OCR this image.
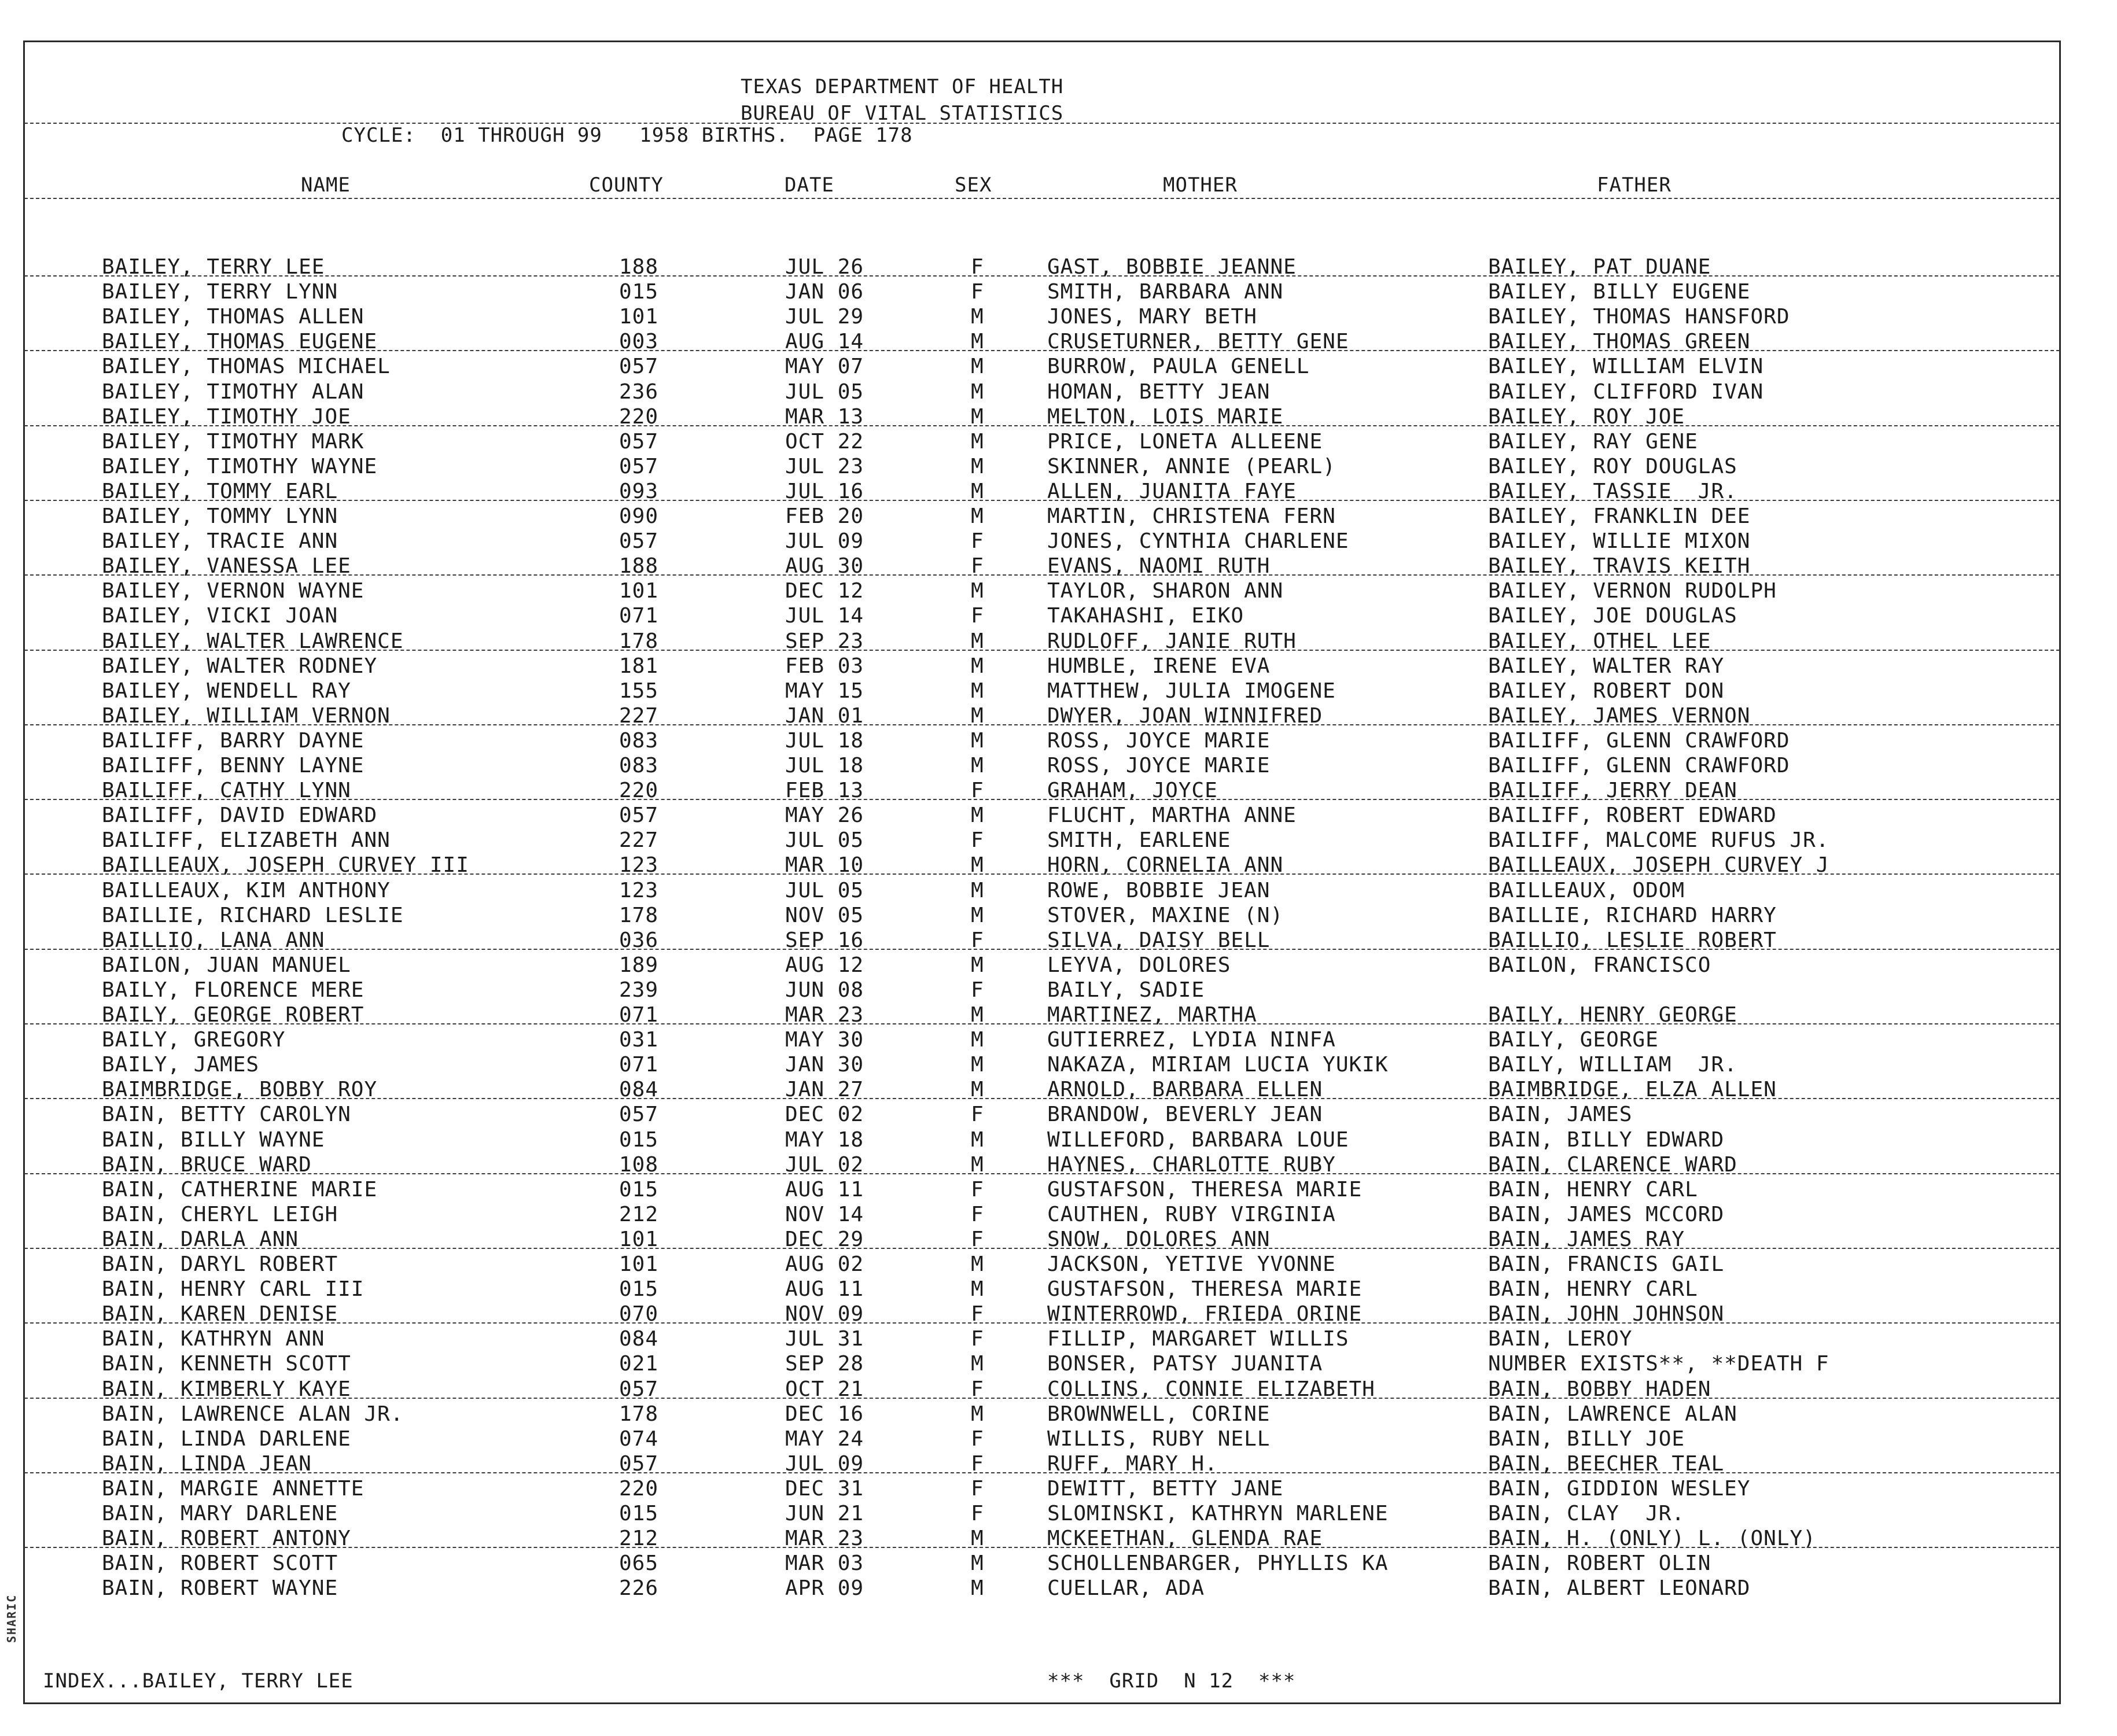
SHARIC
TEXAS DEPARTMENT OF HEALTH
BUREAU OF VITAL STATISTICS
CYCLE:  01 THROUGH 99   1958 BIRTHS.  PAGE 178
NAME	COUNTY	DATE	SEX	MOTHER	FATHER
BAILEY, TERRY LEE	188	JUL 26	F	GAST, BOBBIE JEANNE	BAILEY, PAT DUANE
BAILEY, TERRY LYNN	015	JAN 06	F	SMITH, BARBARA ANN	BAILEY, BILLY EUGENE
BAILEY, THOMAS ALLEN	101	JUL 29	M	JONES, MARY BETH	BAILEY, THOMAS HANSFORD
BAILEY, THOMAS EUGENE	003	AUG 14	M	CRUSETURNER, BETTY GENE	BAILEY, THOMAS GREEN
BAILEY, THOMAS MICHAEL	057	MAY 07	M	BURROW, PAULA GENELL	BAILEY, WILLIAM ELVIN
BAILEY, TIMOTHY ALAN	236	JUL 05	M	HOMAN, BETTY JEAN	BAILEY, CLIFFORD IVAN
BAILEY, TIMOTHY JOE	220	MAR 13	M	MELTON, LOIS MARIE	BAILEY, ROY JOE
BAILEY, TIMOTHY MARK	057	OCT 22	M	PRICE, LONETA ALLEENE	BAILEY, RAY GENE
BAILEY, TIMOTHY WAYNE	057	JUL 23	M	SKINNER, ANNIE (PEARL)	BAILEY, ROY DOUGLAS
BAILEY, TOMMY EARL	093	JUL 16	M	ALLEN, JUANITA FAYE	BAILEY, TASSIE  JR.
BAILEY, TOMMY LYNN	090	FEB 20	M	MARTIN, CHRISTENA FERN	BAILEY, FRANKLIN DEE
BAILEY, TRACIE ANN	057	JUL 09	F	JONES, CYNTHIA CHARLENE	BAILEY, WILLIE MIXON
BAILEY, VANESSA LEE	188	AUG 30	F	EVANS, NAOMI RUTH	BAILEY, TRAVIS KEITH
BAILEY, VERNON WAYNE	101	DEC 12	M	TAYLOR, SHARON ANN	BAILEY, VERNON RUDOLPH
BAILEY, VICKI JOAN	071	JUL 14	F	TAKAHASHI, EIKO	BAILEY, JOE DOUGLAS
BAILEY, WALTER LAWRENCE	178	SEP 23	M	RUDLOFF, JANIE RUTH	BAILEY, OTHEL LEE
BAILEY, WALTER RODNEY	181	FEB 03	M	HUMBLE, IRENE EVA	BAILEY, WALTER RAY
BAILEY, WENDELL RAY	155	MAY 15	M	MATTHEW, JULIA IMOGENE	BAILEY, ROBERT DON
BAILEY, WILLIAM VERNON	227	JAN 01	M	DWYER, JOAN WINNIFRED	BAILEY, JAMES VERNON
BAILIFF, BARRY DAYNE	083	JUL 18	M	ROSS, JOYCE MARIE	BAILIFF, GLENN CRAWFORD
BAILIFF, BENNY LAYNE	083	JUL 18	M	ROSS, JOYCE MARIE	BAILIFF, GLENN CRAWFORD
BAILIFF, CATHY LYNN	220	FEB 13	F	GRAHAM, JOYCE	BAILIFF, JERRY DEAN
BAILIFF, DAVID EDWARD	057	MAY 26	M	FLUCHT, MARTHA ANNE	BAILIFF, ROBERT EDWARD
BAILIFF, ELIZABETH ANN	227	JUL 05	F	SMITH, EARLENE	BAILIFF, MALCOME RUFUS JR.
BAILLEAUX, JOSEPH CURVEY III	123	MAR 10	M	HORN, CORNELIA ANN	BAILLEAUX, JOSEPH CURVEY J
BAILLEAUX, KIM ANTHONY	123	JUL 05	M	ROWE, BOBBIE JEAN	BAILLEAUX, ODOM
BAILLIE, RICHARD LESLIE	178	NOV 05	M	STOVER, MAXINE (N)	BAILLIE, RICHARD HARRY
BAILLIO, LANA ANN	036	SEP 16	F	SILVA, DAISY BELL	BAILLIO, LESLIE ROBERT
BAILON, JUAN MANUEL	189	AUG 12	M	LEYVA, DOLORES	BAILON, FRANCISCO
BAILY, FLORENCE MERE	239	JUN 08	F	BAILY, SADIE
BAILY, GEORGE ROBERT	071	MAR 23	M	MARTINEZ, MARTHA	BAILY, HENRY GEORGE
BAILY, GREGORY	031	MAY 30	M	GUTIERREZ, LYDIA NINFA	BAILY, GEORGE
BAILY, JAMES	071	JAN 30	M	NAKAZA, MIRIAM LUCIA YUKIK	BAILY, WILLIAM  JR.
BAIMBRIDGE, BOBBY ROY	084	JAN 27	M	ARNOLD, BARBARA ELLEN	BAIMBRIDGE, ELZA ALLEN
BAIN, BETTY CAROLYN	057	DEC 02	F	BRANDOW, BEVERLY JEAN	BAIN, JAMES
BAIN, BILLY WAYNE	015	MAY 18	M	WILLEFORD, BARBARA LOUE	BAIN, BILLY EDWARD
BAIN, BRUCE WARD	108	JUL 02	M	HAYNES, CHARLOTTE RUBY	BAIN, CLARENCE WARD
BAIN, CATHERINE MARIE	015	AUG 11	F	GUSTAFSON, THERESA MARIE	BAIN, HENRY CARL
BAIN, CHERYL LEIGH	212	NOV 14	F	CAUTHEN, RUBY VIRGINIA	BAIN, JAMES MCCORD
BAIN, DARLA ANN	101	DEC 29	F	SNOW, DOLORES ANN	BAIN, JAMES RAY
BAIN, DARYL ROBERT	101	AUG 02	M	JACKSON, YETIVE YVONNE	BAIN, FRANCIS GAIL
BAIN, HENRY CARL III	015	AUG 11	M	GUSTAFSON, THERESA MARIE	BAIN, HENRY CARL
BAIN, KAREN DENISE	070	NOV 09	F	WINTERROWD, FRIEDA ORINE	BAIN, JOHN JOHNSON
BAIN, KATHRYN ANN	084	JUL 31	F	FILLIP, MARGARET WILLIS	BAIN, LEROY
BAIN, KENNETH SCOTT	021	SEP 28	M	BONSER, PATSY JUANITA	NUMBER EXISTS**, **DEATH F
BAIN, KIMBERLY KAYE	057	OCT 21	F	COLLINS, CONNIE ELIZABETH	BAIN, BOBBY HADEN
BAIN, LAWRENCE ALAN JR.	178	DEC 16	M	BROWNWELL, CORINE	BAIN, LAWRENCE ALAN
BAIN, LINDA DARLENE	074	MAY 24	F	WILLIS, RUBY NELL	BAIN, BILLY JOE
BAIN, LINDA JEAN	057	JUL 09	F	RUFF, MARY H.	BAIN, BEECHER TEAL
BAIN, MARGIE ANNETTE	220	DEC 31	F	DEWITT, BETTY JANE	BAIN, GIDDION WESLEY
BAIN, MARY DARLENE	015	JUN 21	F	SLOMINSKI, KATHRYN MARLENE	BAIN, CLAY  JR.
BAIN, ROBERT ANTONY	212	MAR 23	M	MCKEETHAN, GLENDA RAE	BAIN, H. (ONLY) L. (ONLY)
BAIN, ROBERT SCOTT	065	MAR 03	M	SCHOLLENBARGER, PHYLLIS KA	BAIN, ROBERT OLIN
BAIN, ROBERT WAYNE	226	APR 09	M	CUELLAR, ADA	BAIN, ALBERT LEONARD
INDEX...BAILEY, TERRY LEE	***  GRID  N 12  ***
